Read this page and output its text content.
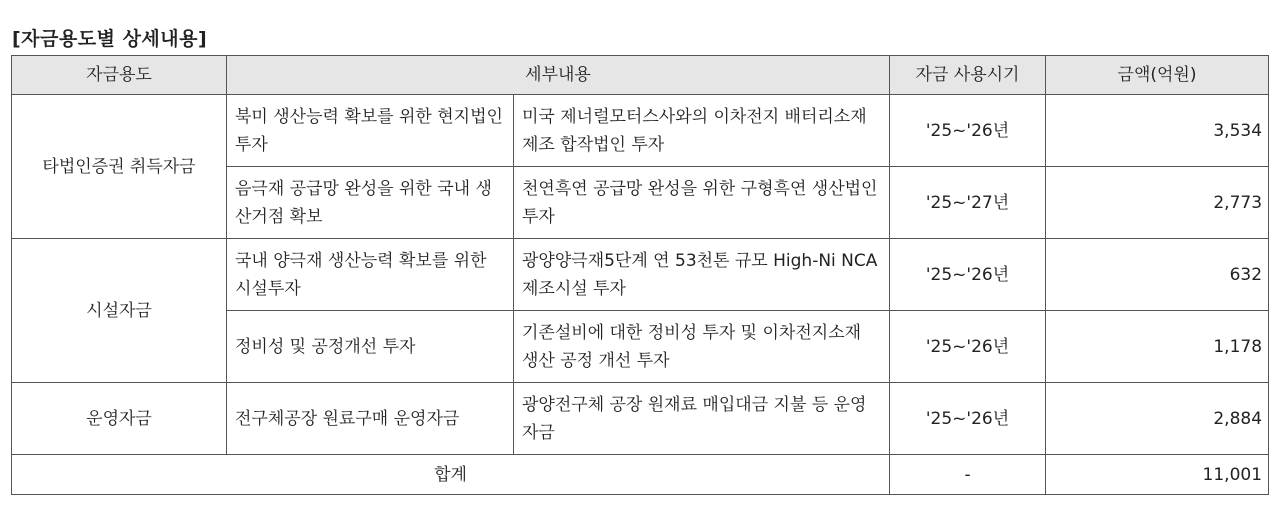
[자금용도별 상세내용]
자금용도	세부내용		자금 사용시기	금액(억원)
타법인증권 취득자금	북미 생산능력 확보를 위한 현지법인 투자	미국 제너럴모터스사와의 이차전지 배터리소재 제조 합작법인 투자	'25~'26년	3,534
	음극재 공급망 완성을 위한 국내 생산거점 확보	천연흑연 공급망 완성을 위한 구형흑연 생산법인 투자	'25~'27년	2,773
시설자금	국내 양극재 생산능력 확보를 위한 시설투자	광양양극재5단계 연 53천톤 규모 High-Ni NCA 제조시설 투자	'25~'26년	632
	정비성 및 공정개선 투자	기존설비에 대한 정비성 투자 및 이차전지소재 생산 공정 개선 투자	'25~'26년	1,178
운영자금	전구체공장 원료구매 운영자금	광양전구체 공장 원재료 매입대금 지불 등 운영자금	'25~'26년	2,884
합계			-	11,001
